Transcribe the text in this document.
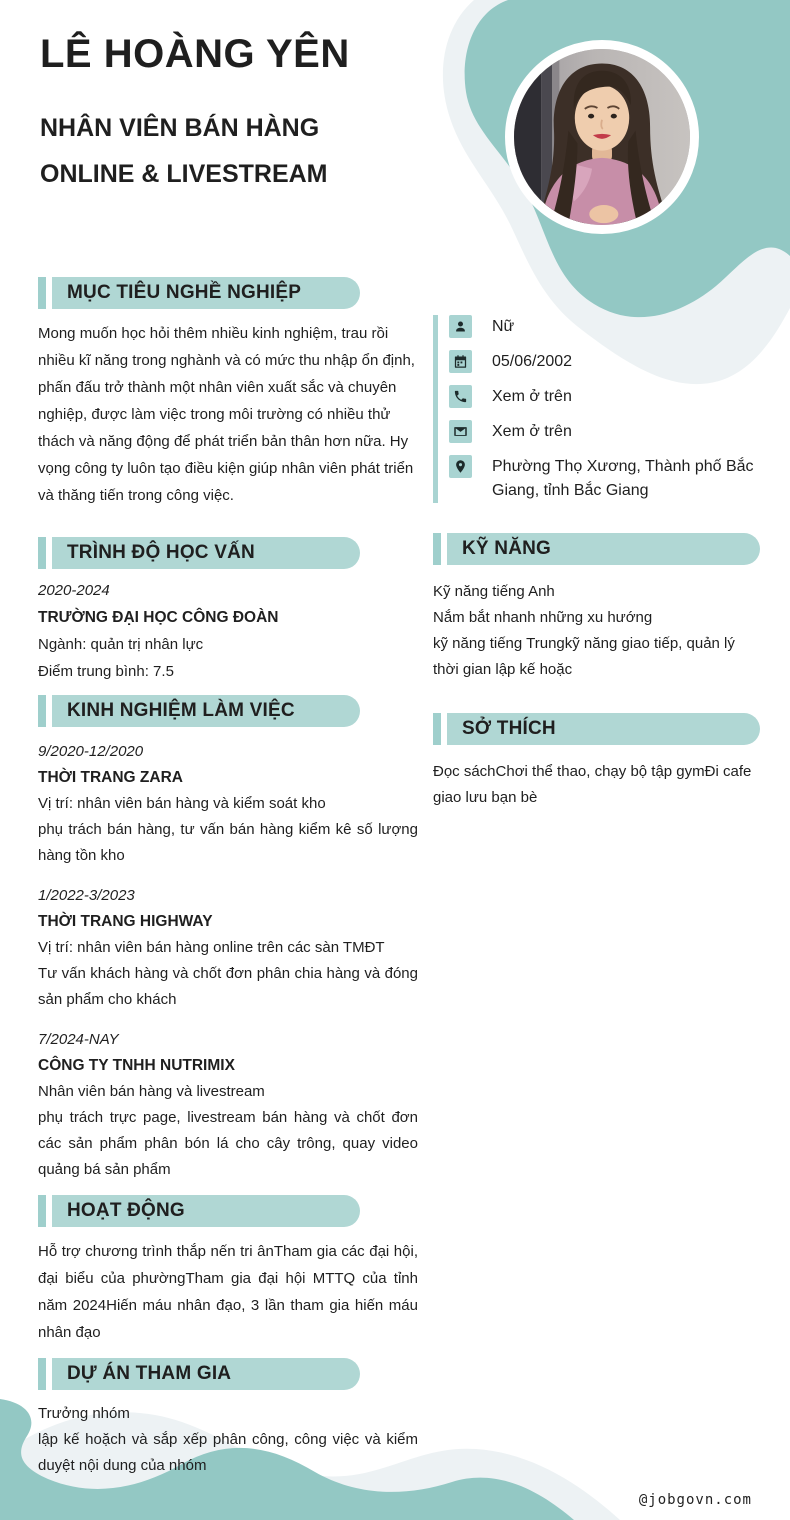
LÊ HOÀNG YÊN
NHÂN VIÊN BÁN HÀNG
ONLINE & LIVESTREAM
MỤC TIÊU NGHỀ NGHIỆP

Mong muốn học hỏi thêm nhiều kinh nghiệm, trau rồi nhiều kĩ năng trong nghành và có mức thu nhập ổn định, phấn đấu trở thành một nhân viên xuất sắc và chuyên nghiệp, được làm việc trong môi trường có nhiều thử thách và năng động để phát triển bản thân hơn nữa. Hy vọng công ty luôn tạo điều kiện giúp nhân viên phát triển và thăng tiến trong công việc.

TRÌNH ĐỘ HỌC VẤN
2020-2024
TRƯỜNG ĐẠI HỌC CÔNG ĐOÀN
Ngành: quản trị nhân lực
Điểm trung bình: 7.5
KINH NGHIỆM LÀM VIỆC
9/2020-12/2020
THỜI TRANG ZARA
Vị trí: nhân viên bán hàng và kiểm soát kho
phụ trách bán hàng, tư vấn bán hàng kiểm kê số lượng hàng tồn kho
1/2022-3/2023
THỜI TRANG HIGHWAY
Vị trí: nhân viên bán hàng online trên các sàn TMĐT
Tư vấn khách hàng và chốt đơn phân chia hàng và đóng sản phẩm cho khách
7/2024-NAY
CÔNG TY TNHH NUTRIMIX
Nhân viên bán hàng và livestream
phụ trách trực page, livestream bán hàng và chốt đơn các sản phẩm phân bón lá cho cây trông, quay video quảng bá sản phẩm
HOẠT ĐỘNG

Hỗ trợ chương trình thắp nến tri ânTham gia các đại hội, đại biểu của phườngTham gia đại hội MTTQ của tỉnh năm 2024Hiến máu nhân đạo, 3 lần tham gia hiến máu nhân đạo

DỰ ÁN THAM GIA
Trưởng nhóm
lập kế hoặch và sắp xếp phân công, công việc và kiểm duyệt nội dung của nhóm
Nữ
05/06/2002
Xem ở trên
Xem ở trên
Phường Thọ Xương, Thành phố Bắc Giang, tỉnh Bắc Giang
KỸ NĂNG
Kỹ năng tiếng Anh
Nắm bắt nhanh những xu hướng
kỹ năng tiếng Trungkỹ năng giao tiếp, quản lý thời gian lập kế hoặc
SỞ THÍCH
Đọc sáchChơi thể thao, chạy bộ tập gymĐi cafe giao lưu bạn bè
@jobgovn.com
